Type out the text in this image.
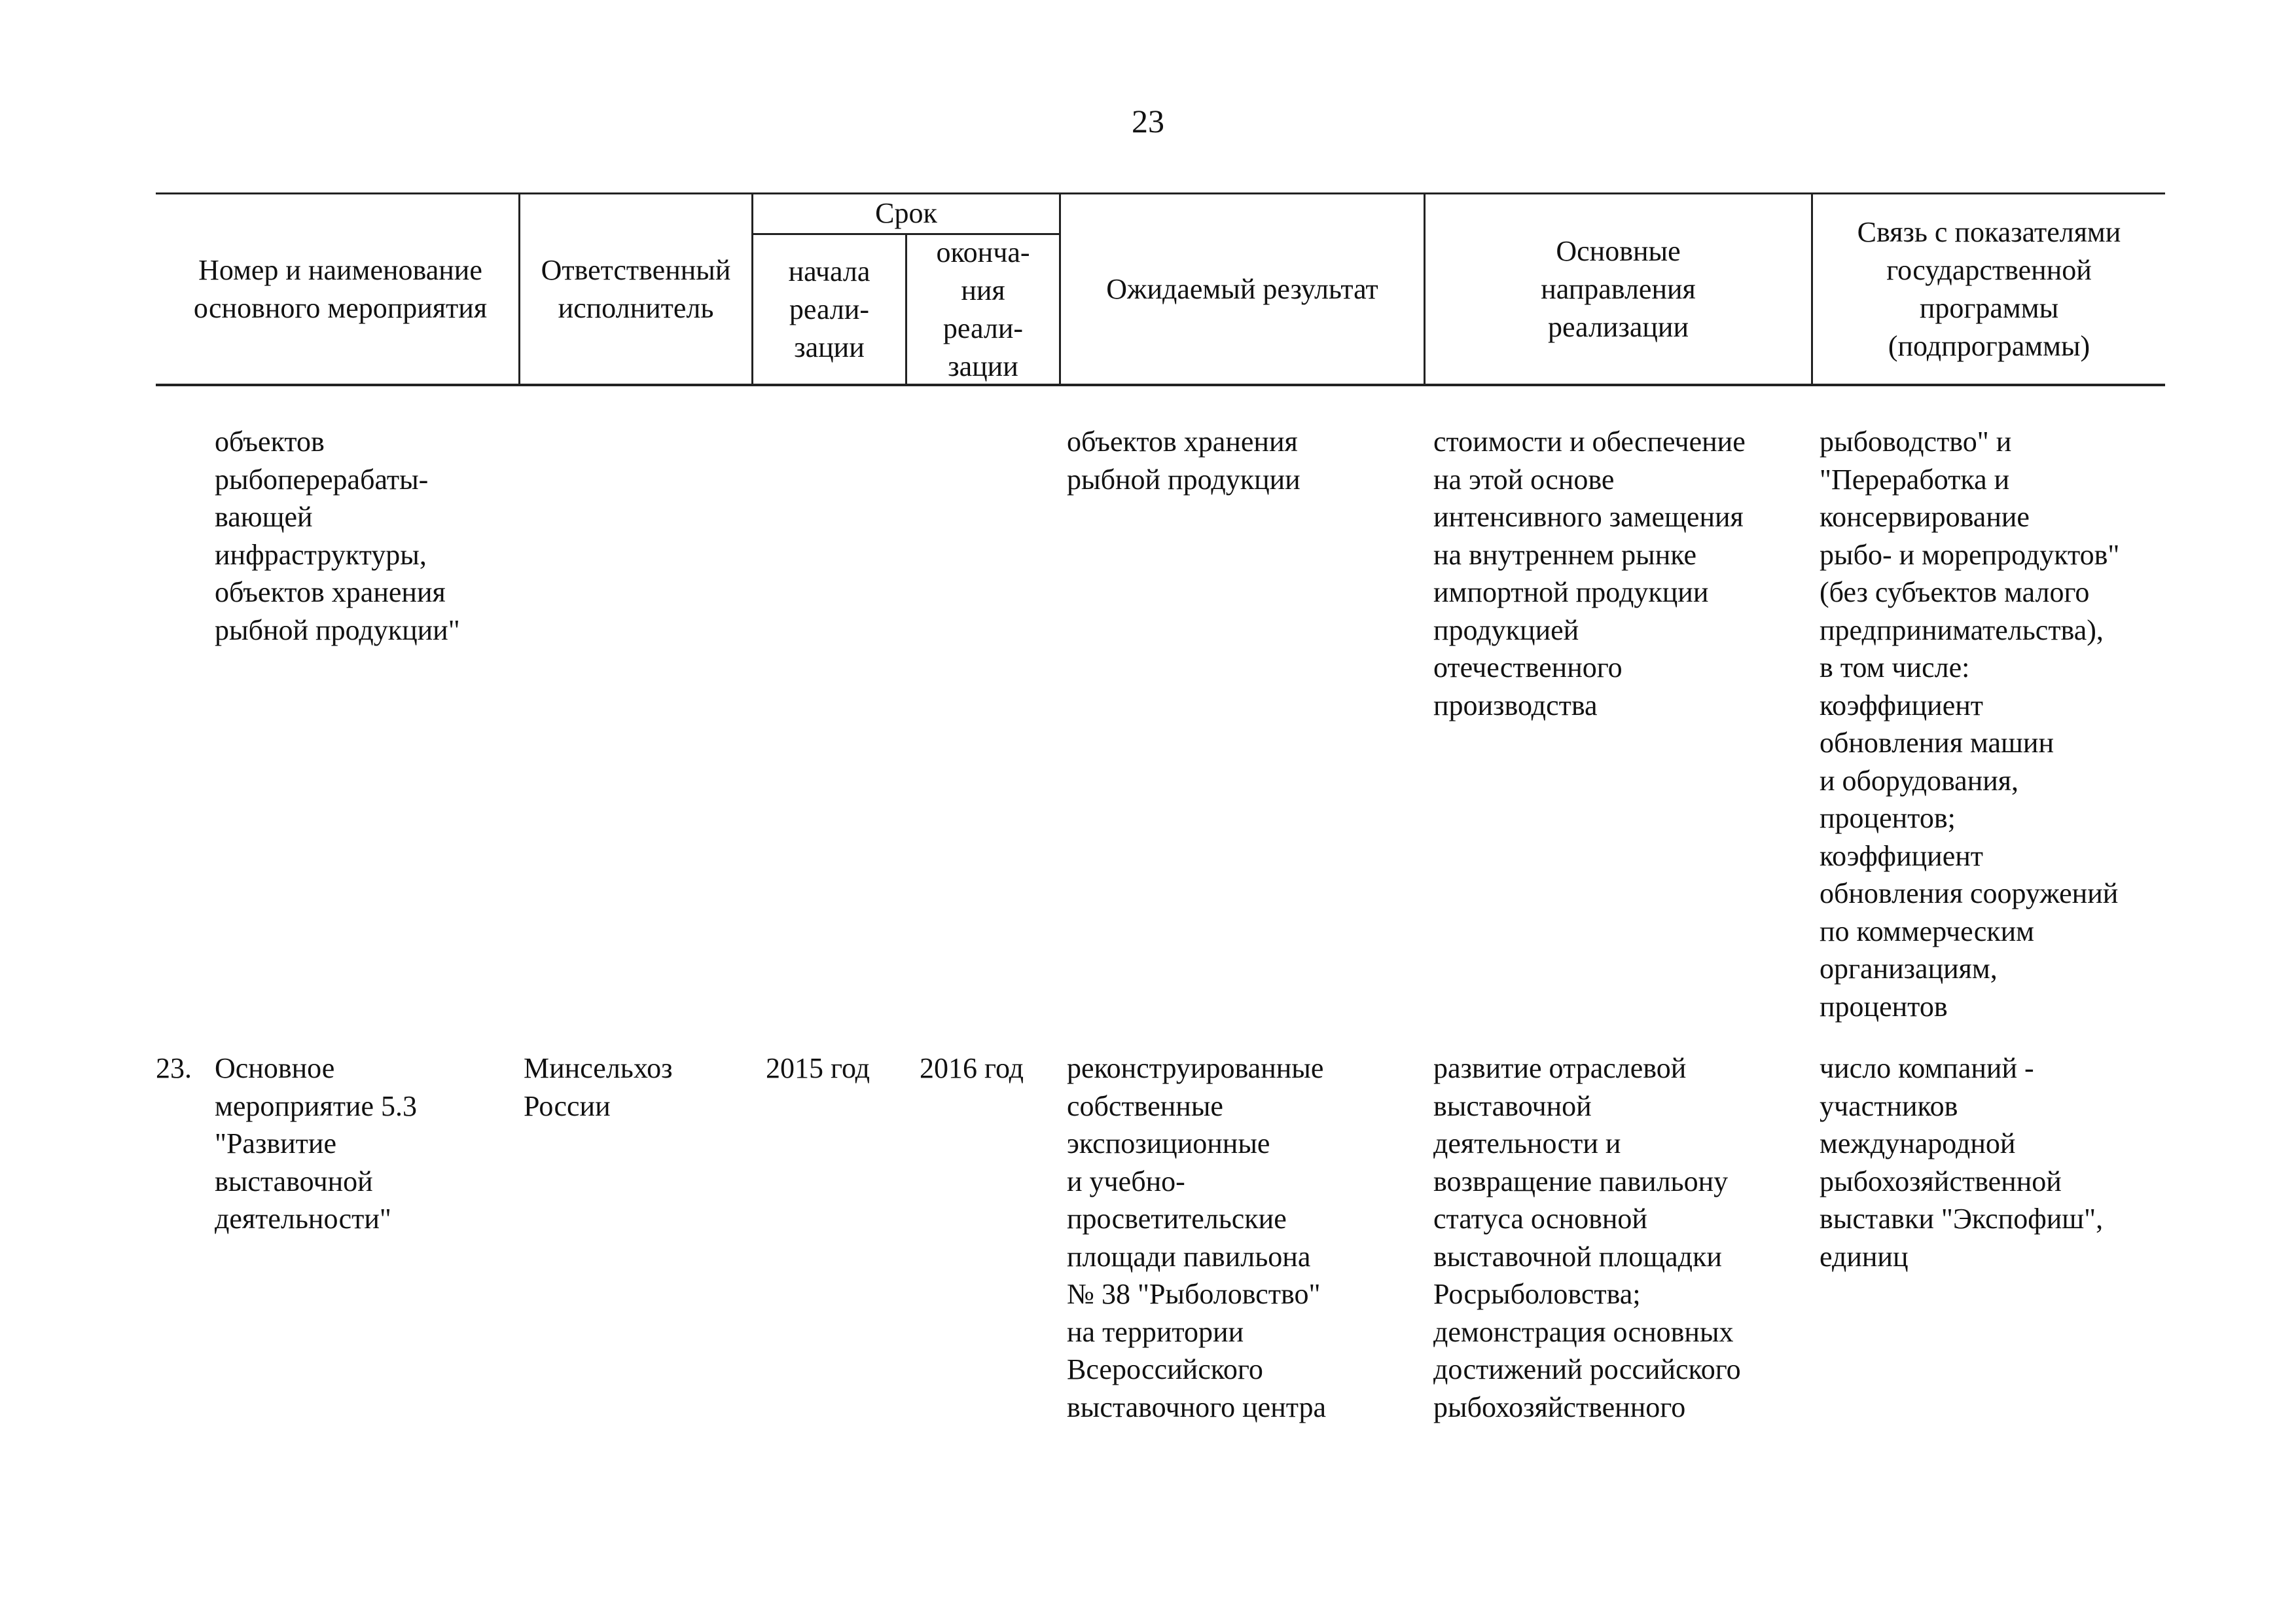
23
Номер и наименование основного мероприятия
Ответственный исполнитель
Срок
начала реали- зации
оконча- ния реали- зации
Ожидаемый результат
Основные направления реализации
Связь с показателями государственной программы (подпрограммы)
объектов
рыбоперерабаты-
вающей
инфраструктуры,
объектов хранения
рыбной продукции"
объектов хранения
рыбной продукции
стоимости и обеспечение
на этой основе
интенсивного замещения
на внутреннем рынке
импортной продукции
продукцией
отечественного
производства
рыбоводство" и
"Переработка и
консервирование
рыбо- и морепродуктов"
(без субъектов малого
предпринимательства),
в том числе:
коэффициент
обновления машин
и оборудования,
процентов;
коэффициент
обновления сооружений
по коммерческим
организациям,
процентов
23. Основное
мероприятие 5.3
"Развитие
выставочной
деятельности"
Минсельхоз
России
2015 год	2016 год	реконструированные
собственные
экспозиционные
и учебно-
просветительские
площади павильона
№ 38 "Рыболовство"
на территории
Всероссийского
выставочного центра
развитие отраслевой
выставочной
деятельности и
возвращение павильону
статуса основной
выставочной площадки
Росрыболовства;
демонстрация основных
достижений российского
рыбохозяйственного
число компаний -
участников
международной
рыбохозяйственной
выставки "Экспофиш",
единиц
